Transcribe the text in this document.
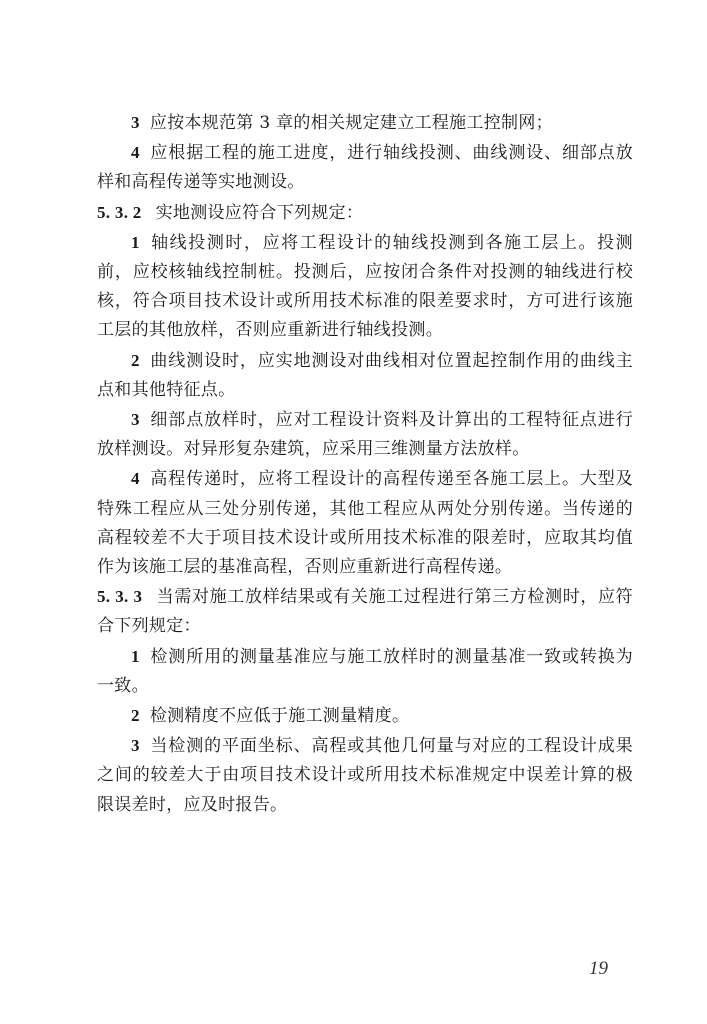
3 应按本规范第 3 章的相关规定建立工程施工控制网；

4 应根据工程的施工进度，进行轴线投测、曲线测设、细部点放样和高程传递等实地测设。

5. 3. 2 实地测设应符合下列规定：

1 轴线投测时，应将工程设计的轴线投测到各施工层上。投测前，应校核轴线控制桩。投测后，应按闭合条件对投测的轴线进行校核，符合项目技术设计或所用技术标准的限差要求时，方可进行该施工层的其他放样，否则应重新进行轴线投测。

2 曲线测设时，应实地测设对曲线相对位置起控制作用的曲线主点和其他特征点。

3 细部点放样时，应对工程设计资料及计算出的工程特征点进行放样测设。对异形复杂建筑，应采用三维测量方法放样。

4 高程传递时，应将工程设计的高程传递至各施工层上。大型及特殊工程应从三处分别传递，其他工程应从两处分别传递。当传递的高程较差不大于项目技术设计或所用技术标准的限差时，应取其均值作为该施工层的基准高程，否则应重新进行高程传递。

5. 3. 3 当需对施工放样结果或有关施工过程进行第三方检测时，应符合下列规定：

1 检测所用的测量基准应与施工放样时的测量基准一致或转换为一致。

2 检测精度不应低于施工测量精度。

3 当检测的平面坐标、高程或其他几何量与对应的工程设计成果之间的较差大于由项目技术设计或所用技术标准规定中误差计算的极限误差时，应及时报告。

19
